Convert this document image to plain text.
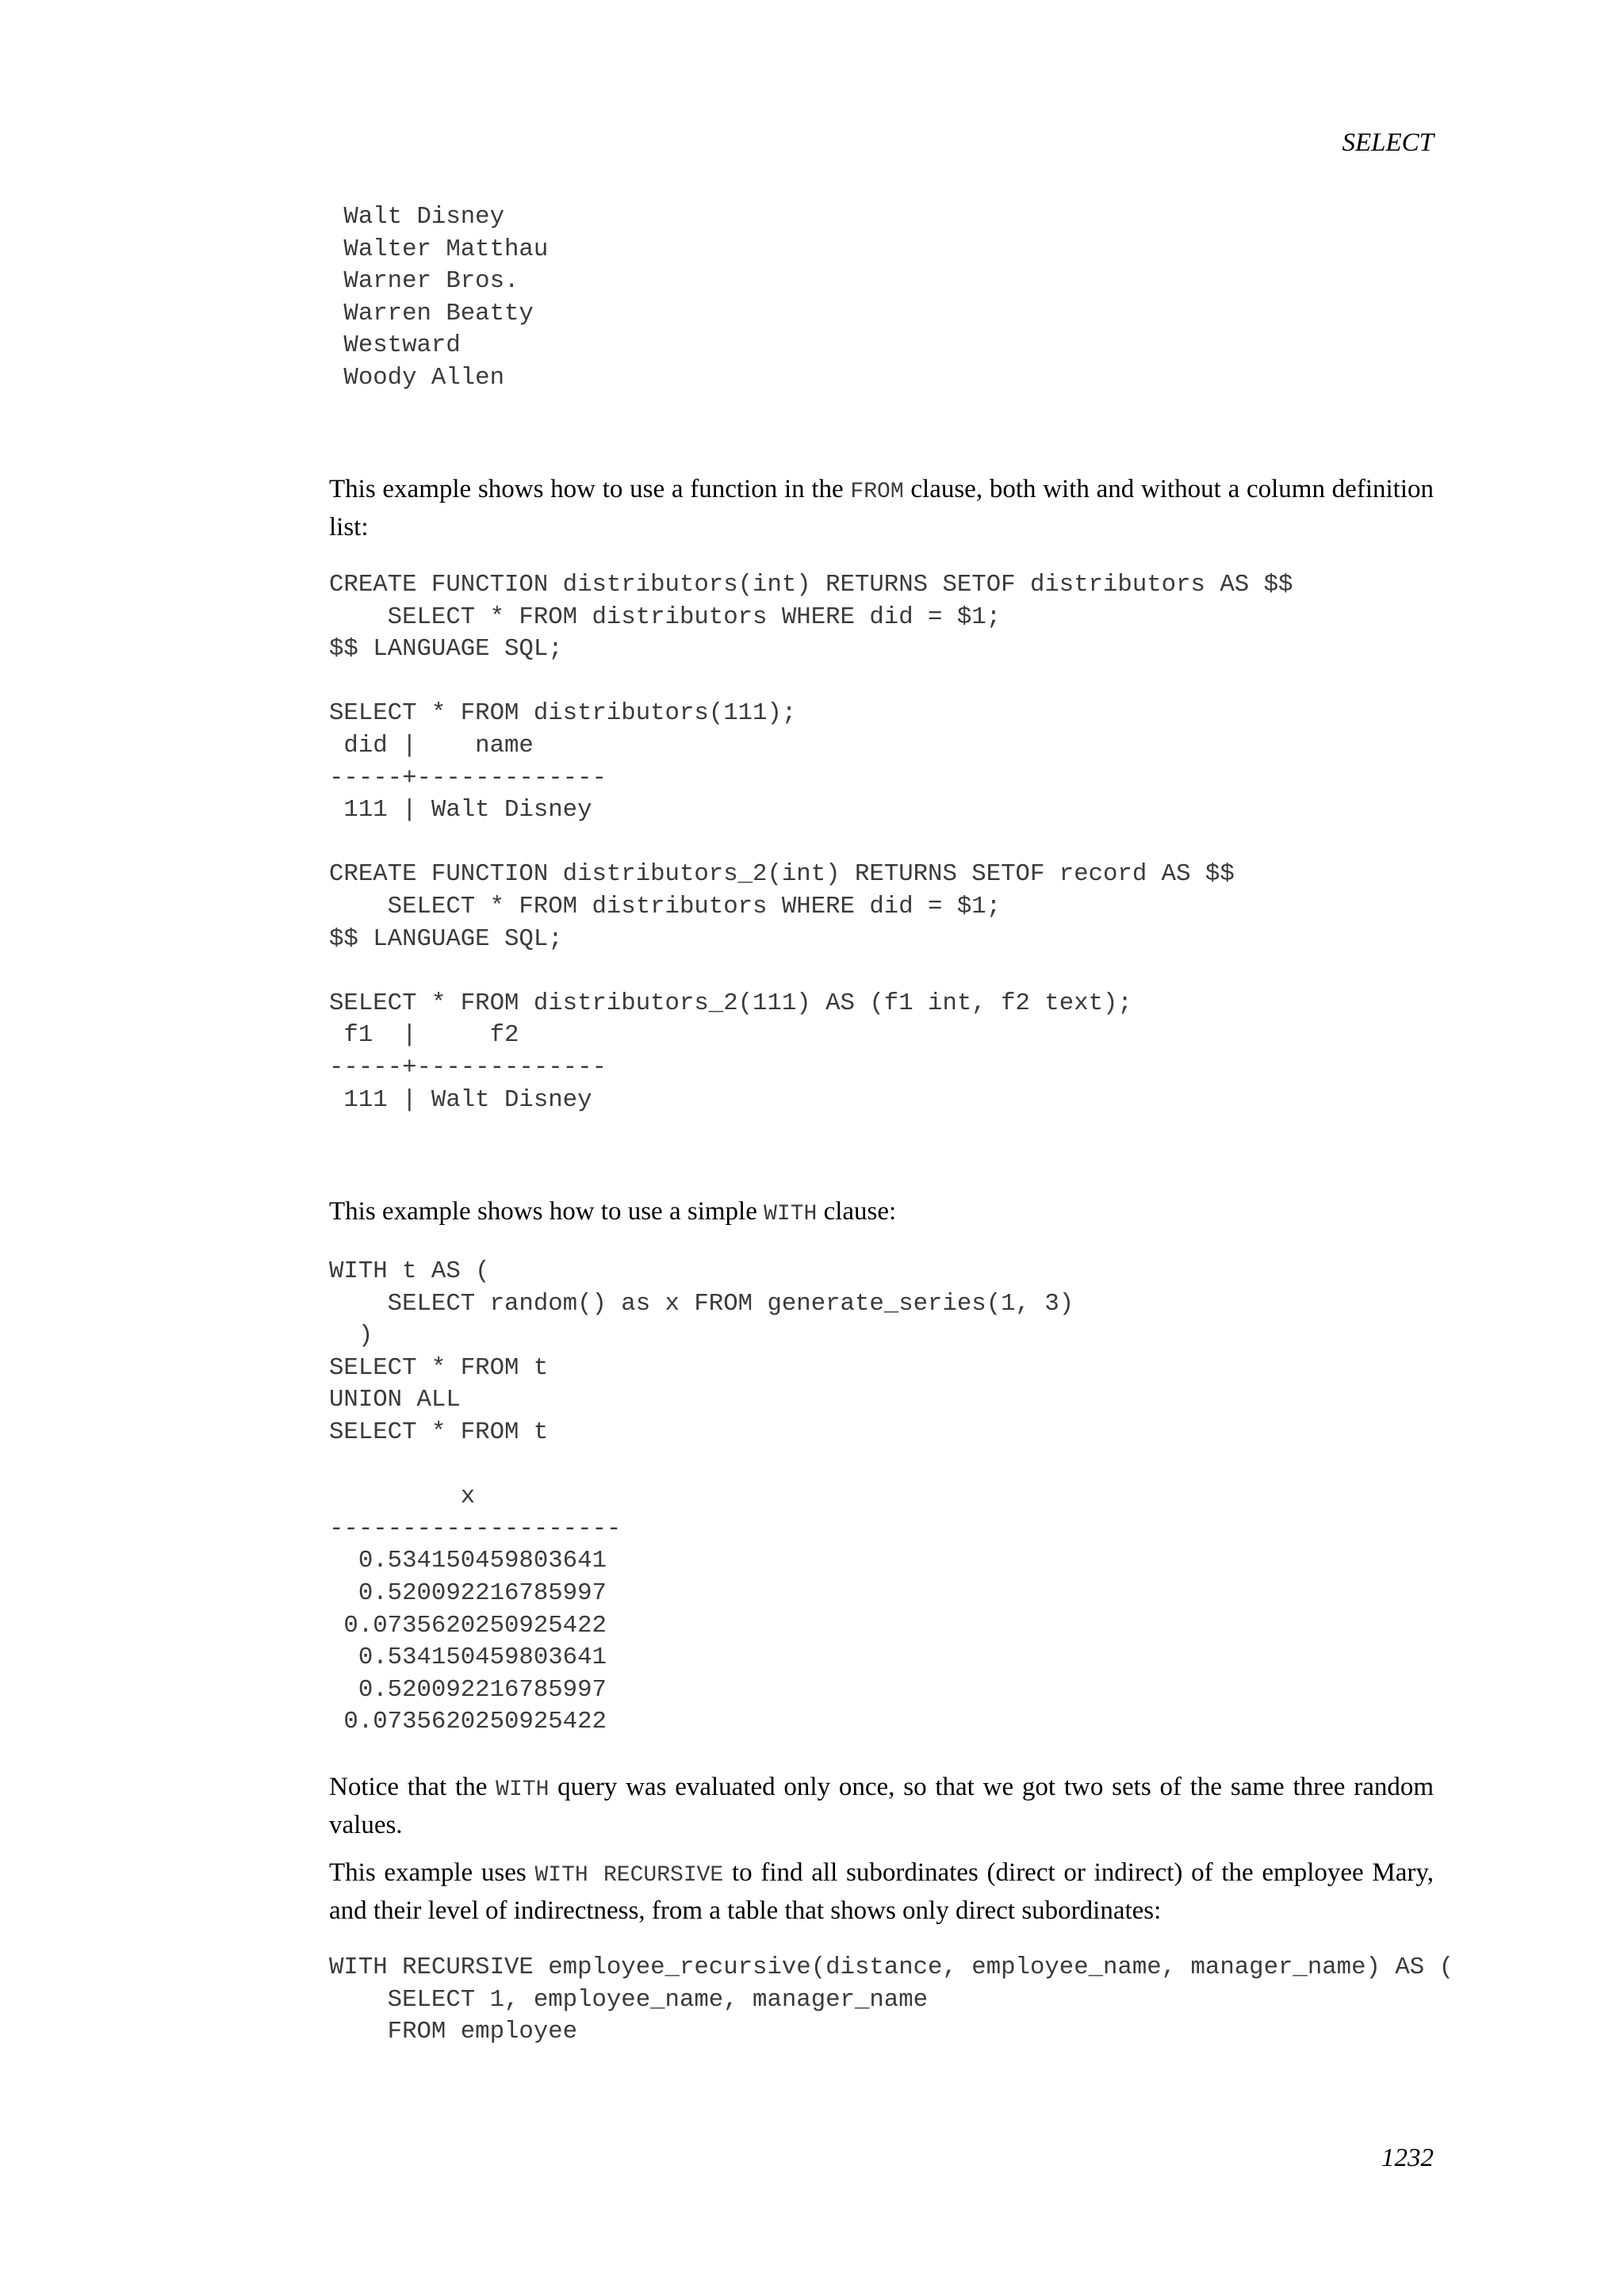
SELECT
Walt Disney
Walter Matthau
Warner Bros.
Warren Beatty
Westward
Woody Allen

This example shows how to use a function in the FROM clause, both with and without a column definition list:

CREATE FUNCTION distributors(int) RETURNS SETOF distributors AS $$
SELECT * FROM distributors WHERE did = $1;
$$ LANGUAGE SQL;

SELECT * FROM distributors(111);
did |    name
-----+-------------
111 | Walt Disney

CREATE FUNCTION distributors_2(int) RETURNS SETOF record AS $$
SELECT * FROM distributors WHERE did = $1;
$$ LANGUAGE SQL;

SELECT * FROM distributors_2(111) AS (f1 int, f2 text);
f1  |     f2
-----+-------------
111 | Walt Disney

This example shows how to use a simple WITH clause:

WITH t AS (
SELECT random() as x FROM generate_series(1, 3)
)
SELECT * FROM t
UNION ALL
SELECT * FROM t

x
--------------------
0.534150459803641
0.520092216785997
0.0735620250925422
0.534150459803641
0.520092216785997
0.0735620250925422

Notice that the WITH query was evaluated only once, so that we got two sets of the same three random values.

This example uses WITH RECURSIVE to find all subordinates (direct or indirect) of the employee Mary, and their level of indirectness, from a table that shows only direct subordinates:

WITH RECURSIVE employee_recursive(distance, employee_name, manager_name) AS (
SELECT 1, employee_name, manager_name
FROM employee
1232
